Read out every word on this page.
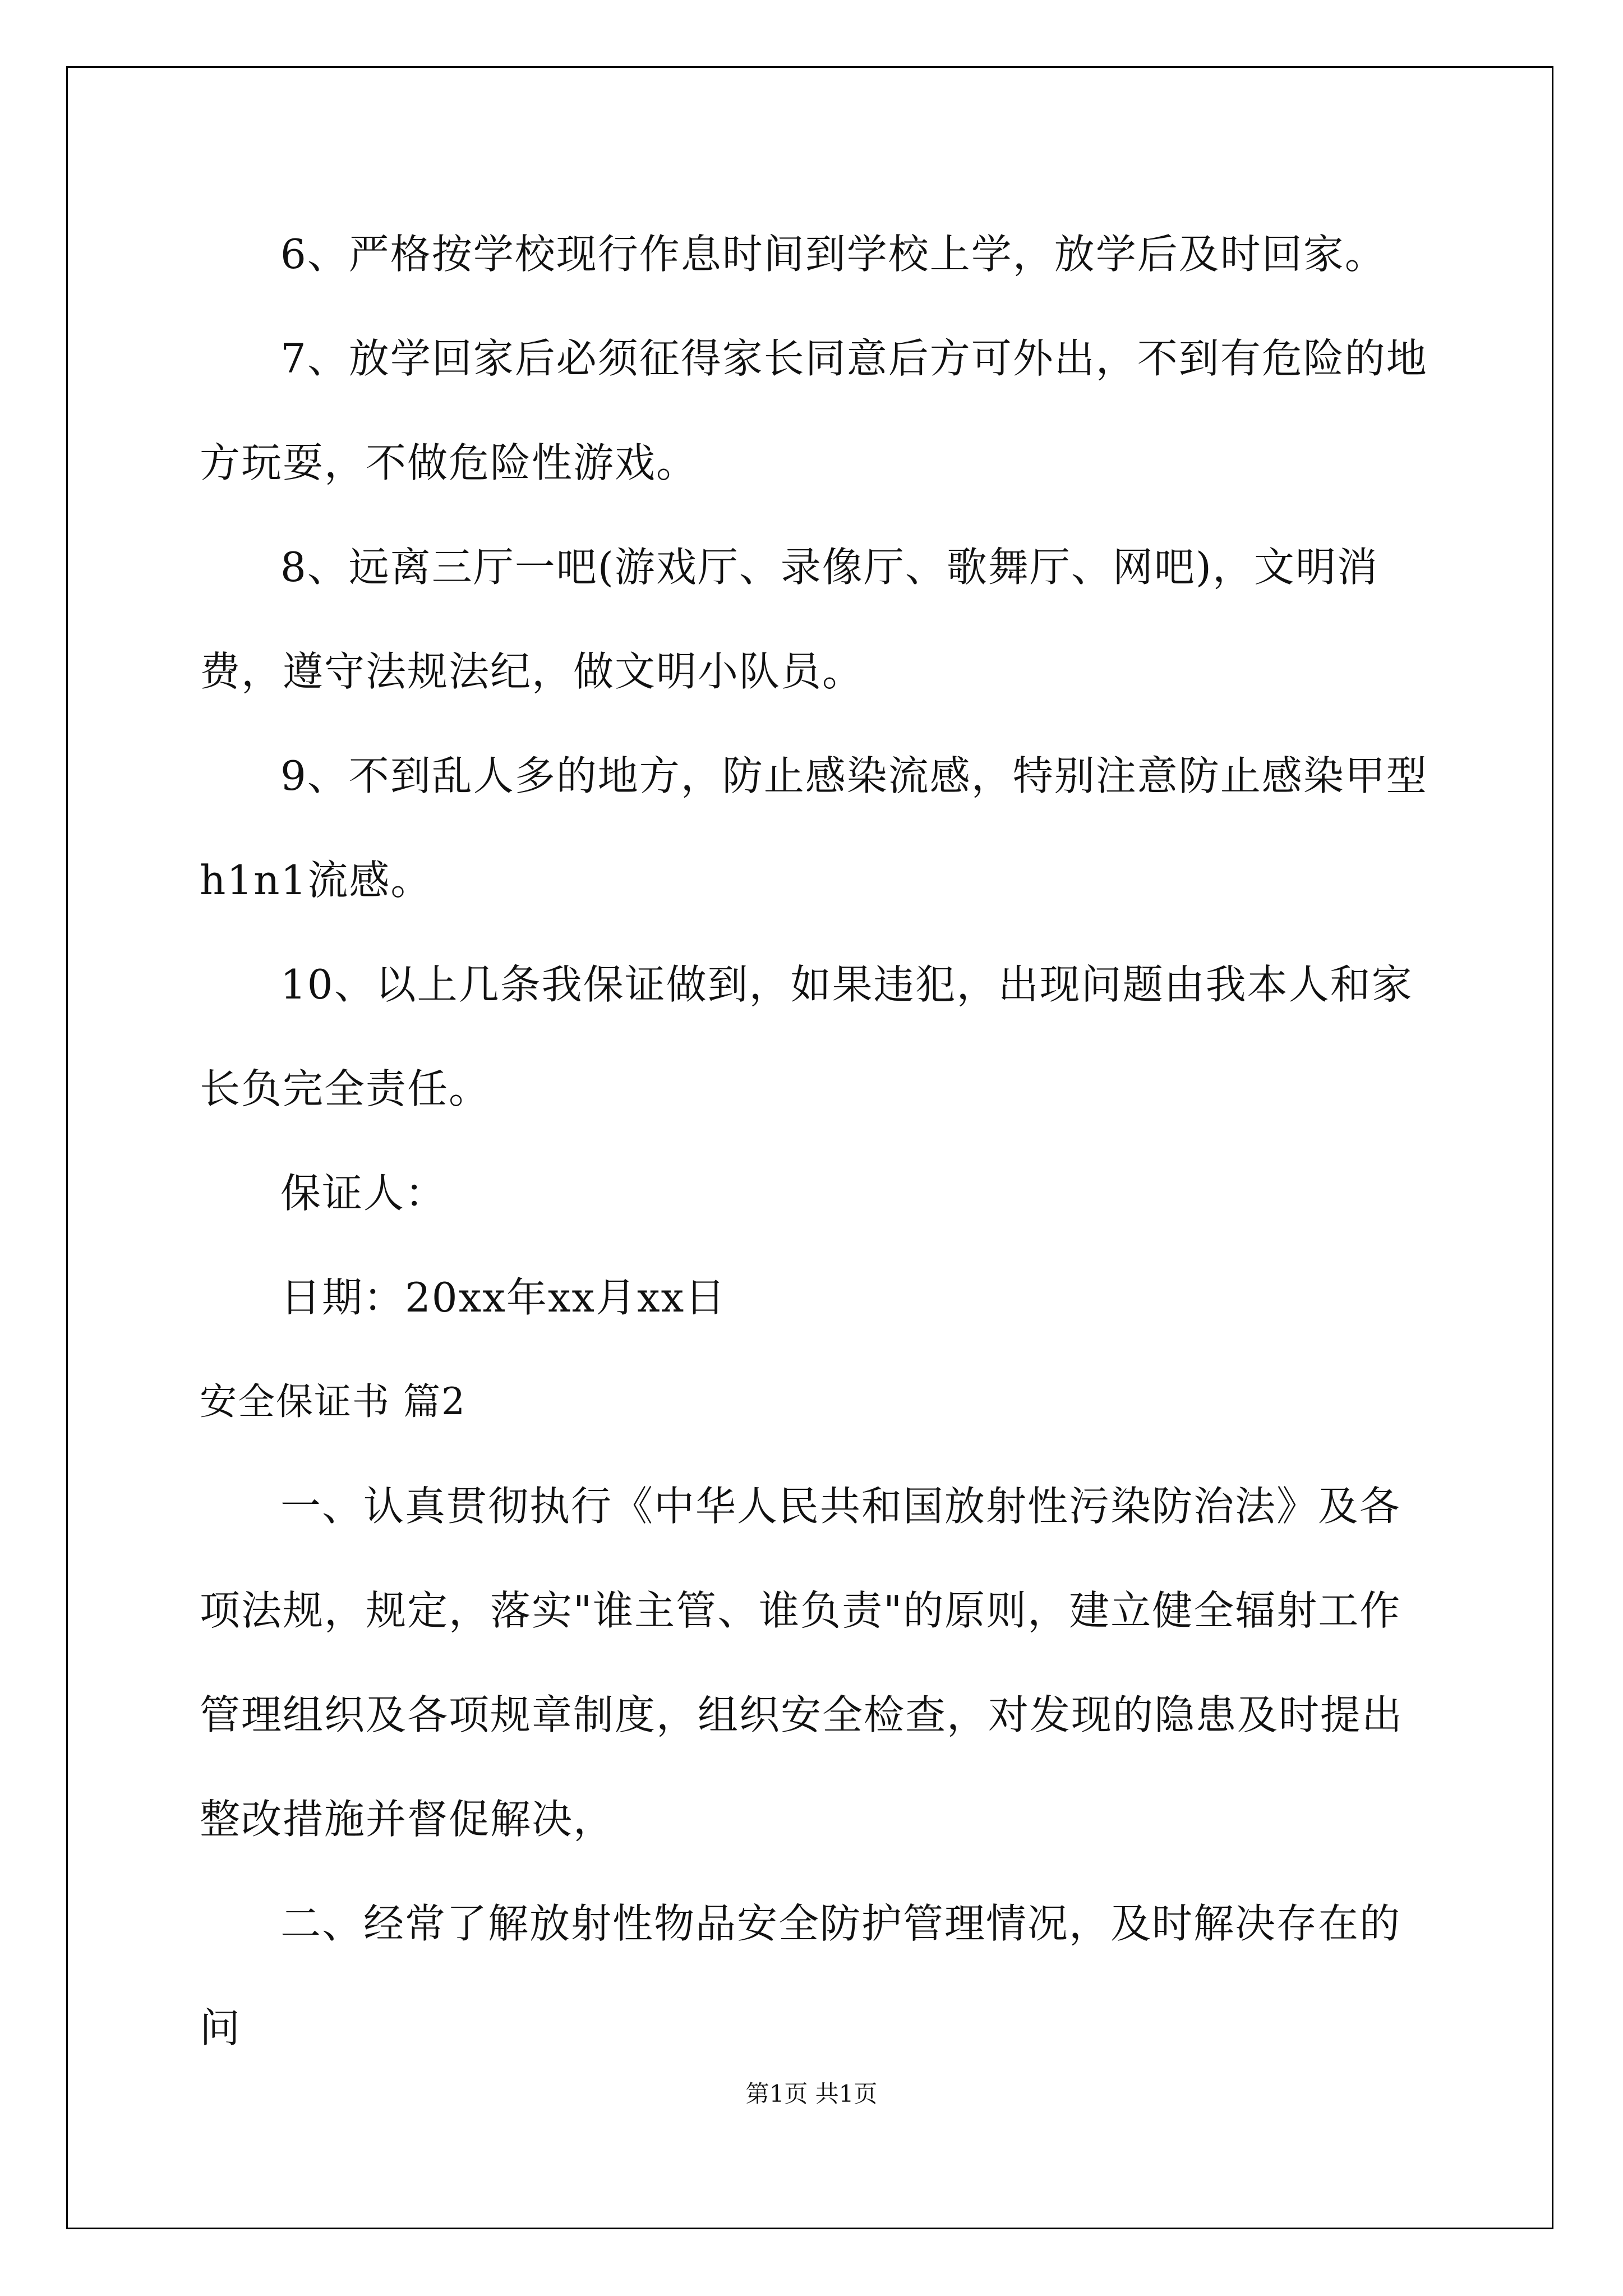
6、严格按学校现行作息时间到学校上学，放学后及时回家。

7、放学回家后必须征得家长同意后方可外出，不到有危险的地方玩耍，不做危险性游戏。

8、远离三厅一吧(游戏厅、录像厅、歌舞厅、网吧)，文明消费，遵守法规法纪，做文明小队员。

9、不到乱人多的地方，防止感染流感，特别注意防止感染甲型h1n1流感。

10、以上几条我保证做到，如果违犯，出现问题由我本人和家长负完全责任。

保证人：

日期：20xx年xx月xx日

安全保证书 篇2

一、认真贯彻执行《中华人民共和国放射性污染防治法》及各项法规，规定，落实"谁主管、谁负责"的原则，建立健全辐射工作管理组织及各项规章制度，组织安全检查，对发现的隐患及时提出整改措施并督促解决，

二、经常了解放射性物品安全防护管理情况，及时解决存在的问

第1页 共1页
